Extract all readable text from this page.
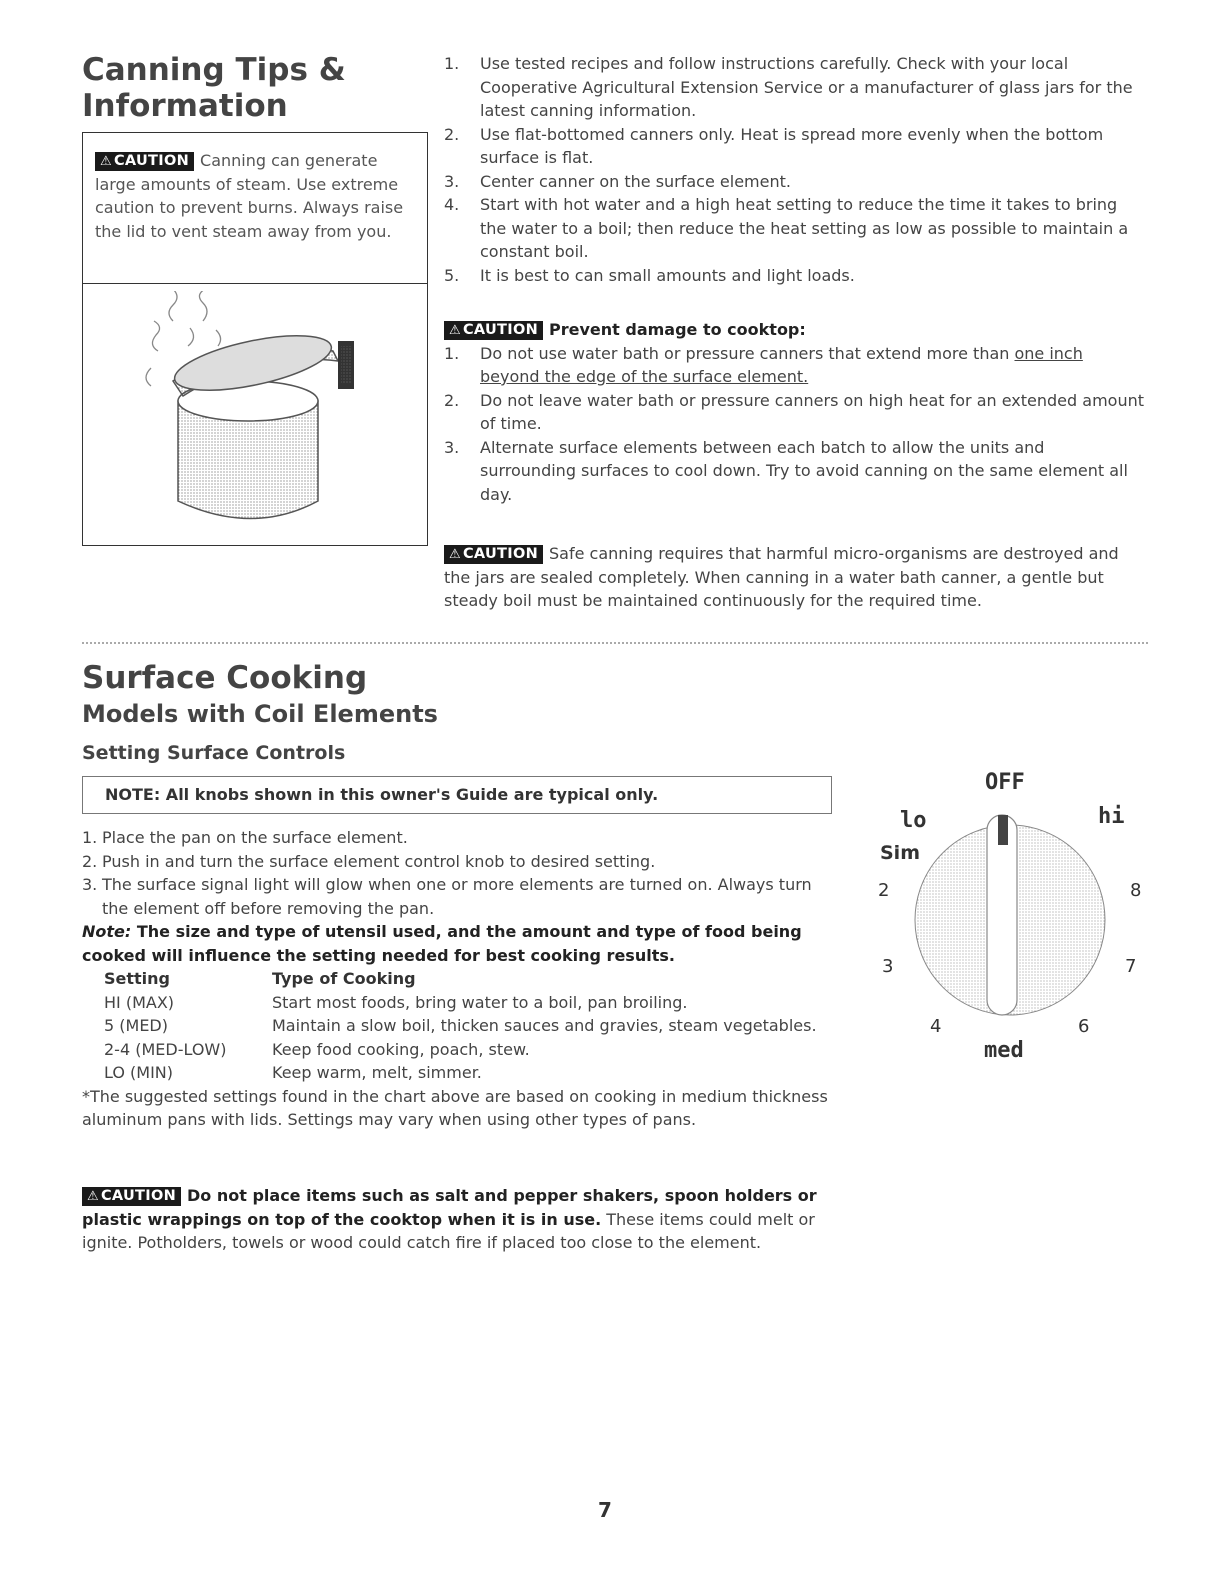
Canning Tips &
Information
⚠ CAUTION Canning can generate large amounts of steam. Use extreme caution to prevent burns. Always raise the lid to vent steam away from you.
1. Use tested recipes and follow instructions carefully. Check with your local Cooperative Agricultural Extension Service or a manufacturer of glass jars for the latest canning information.
2. Use flat-bottomed canners only. Heat is spread more evenly when the bottom surface is flat.
3. Center canner on the surface element.
4. Start with hot water and a high heat setting to reduce the time it takes to bring the water to a boil; then reduce the heat setting as low as possible to maintain a constant boil.
5. It is best to can small amounts and light loads.
⚠ CAUTION Prevent damage to cooktop:
1. Do not use water bath or pressure canners that extend more than one inch beyond the edge of the surface element.
2. Do not leave water bath or pressure canners on high heat for an extended amount of time.
3. Alternate surface elements between each batch to allow the units and surrounding surfaces to cool down. Try to avoid canning on the same element all day.
⚠ CAUTION Safe canning requires that harmful micro-organisms are destroyed and the jars are sealed completely. When canning in a water bath canner, a gentle but steady boil must be maintained continuously for the required time.
Surface Cooking
Models with Coil Elements
Setting Surface Controls
NOTE: All knobs shown in this owner's Guide are typical only.
1. Place the pan on the surface element.
2. Push in and turn the surface element control knob to desired setting.
3. The surface signal light will glow when one or more elements are turned on. Always turn the element off before removing the pan.
Note: The size and type of utensil used, and the amount and type of food being cooked will influence the setting needed for best cooking results.
Setting	Type of Cooking
HI (MAX)	Start most foods, bring water to a boil, pan broiling.
5 (MED)	Maintain a slow boil, thicken sauces and gravies, steam vegetables.
2-4 (MED-LOW)	Keep food cooking, poach, stew.
LO (MIN)	Keep warm, melt, simmer.
*The suggested settings found in the chart above are based on cooking in medium thickness aluminum pans with lids. Settings may vary when using other types of pans.
⚠ CAUTION Do not place items such as salt and pepper shakers, spoon holders or plastic wrappings on top of the cooktop when it is in use. These items could melt or ignite. Potholders, towels or wood could catch fire if placed too close to the element.
OFF
lo	hi
Sim
2	8
3	7
4	6
med
7
